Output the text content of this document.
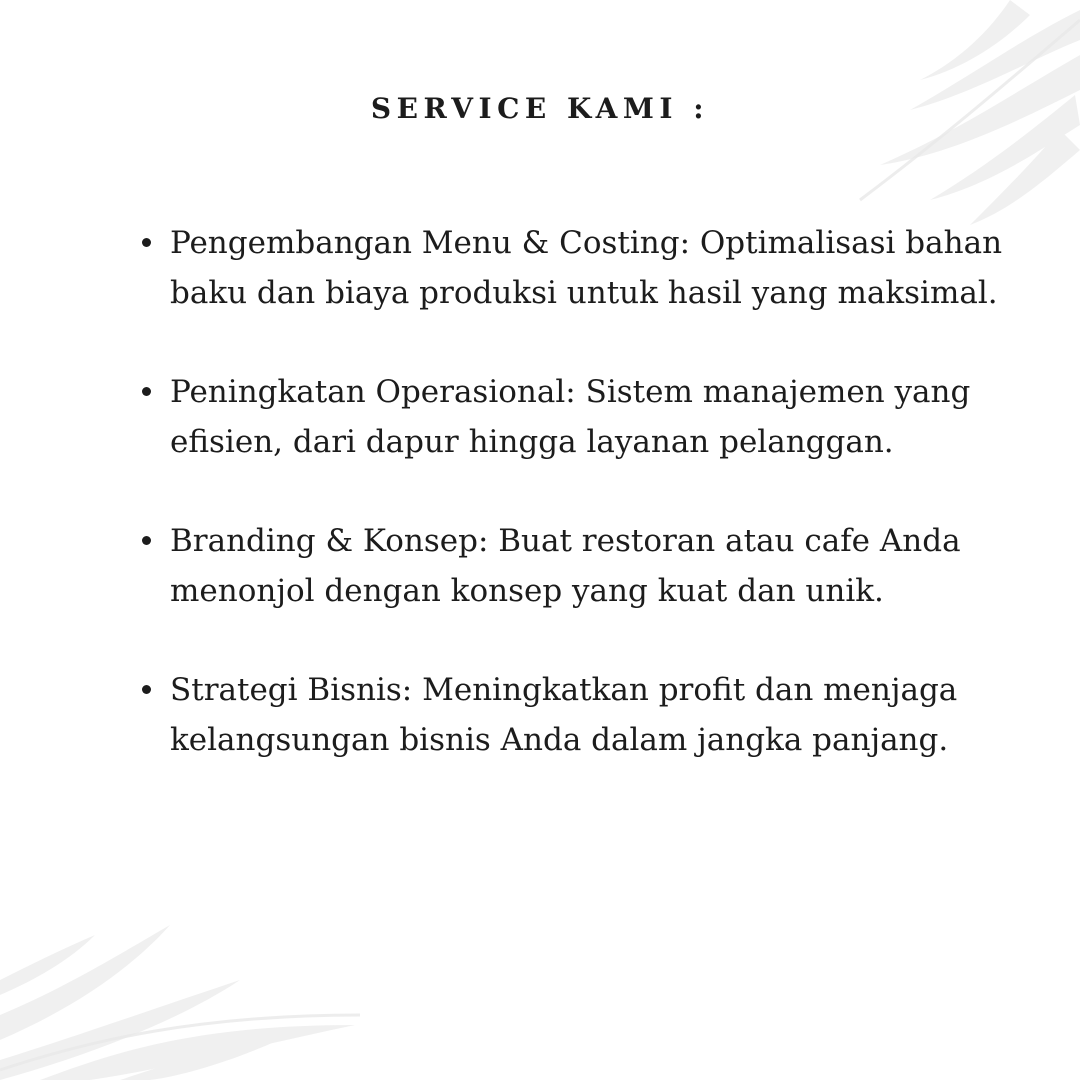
SERVICE KAMI :
Pengembangan Menu & Costing: Optimalisasi bahan baku dan biaya produksi untuk hasil yang maksimal.
Peningkatan Operasional: Sistem manajemen yang efisien, dari dapur hingga layanan pelanggan.
Branding & Konsep: Buat restoran atau cafe Anda menonjol dengan konsep yang kuat dan unik.
Strategi Bisnis: Meningkatkan profit dan menjaga kelangsungan bisnis Anda dalam jangka panjang.
